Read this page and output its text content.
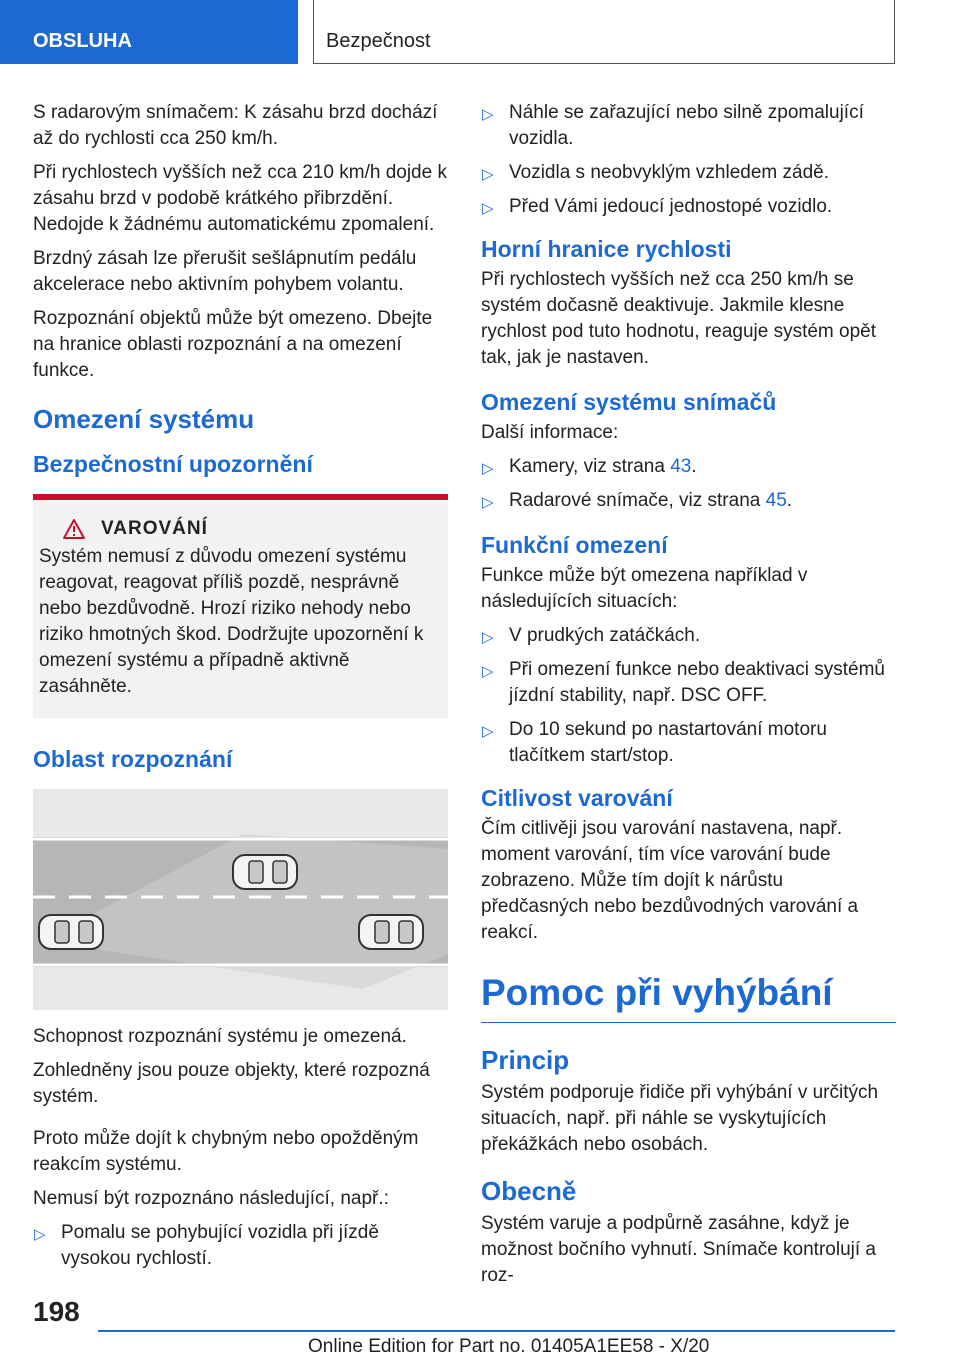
OBSLUHA	Bezpečnost

S radarovým snímačem: K zásahu brzd dochází až do rychlosti cca 250 km/h.

Při rychlostech vyšších než cca 210 km/h dojde k zásahu brzd v podobě krátkého přibrzdění. Nedojde k žádnému automatickému zpomalení.

Brzdný zásah lze přerušit sešlápnutím pedálu akcelerace nebo aktivním pohybem volantu.

Rozpoznání objektů může být omezeno. Dbejte na hranice oblasti rozpoznání a na omezení funkce.

Omezení systému
Bezpečnostní upozornění
VAROVÁNÍ

Systém nemusí z důvodu omezení systému reagovat, reagovat příliš pozdě, nesprávně nebo bezdůvodně. Hrozí riziko nehody nebo riziko hmotných škod. Dodržujte upozornění k omezení systému a případně aktivně zasáhněte.

Oblast rozpoznání

Schopnost rozpoznání systému je omezená.

Zohledněny jsou pouze objekty, které rozpozná systém.

Proto může dojít k chybným nebo opožděným reakcím systému.

Nemusí být rozpoznáno následující, např.:

▷ Pomalu se pohybující vozidla při jízdě vysokou rychlostí.
▷ Náhle se zařazující nebo silně zpomalující vozidla.
▷ Vozidla s neobvyklým vzhledem zádě.
▷ Před Vámi jedoucí jednostopé vozidlo.
Horní hranice rychlosti

Při rychlostech vyšších než cca 250 km/h se systém dočasně deaktivuje. Jakmile klesne rychlost pod tuto hodnotu, reaguje systém opět tak, jak je nastaven.

Omezení systému snímačů

Další informace:

▷ Kamery, viz strana 43.
▷ Radarové snímače, viz strana 45.
Funkční omezení

Funkce může být omezena například v následujících situacích:

▷ V prudkých zatáčkách.
▷ Při omezení funkce nebo deaktivaci systémů jízdní stability, např. DSC OFF.
▷ Do 10 sekund po nastartování motoru tlačítkem start/stop.
Citlivost varování

Čím citlivěji jsou varování nastavena, např. moment varování, tím více varování bude zobrazeno. Může tím dojít k nárůstu předčasných nebo bezdůvodných varování a reakcí.

Pomoc při vyhýbání
Princip

Systém podporuje řidiče při vyhýbání v určitých situacích, např. při náhle se vyskytujících překážkách nebo osobách.

Obecně

Systém varuje a podpůrně zasáhne, když je možnost bočního vyhnutí. Snímače kontrolují a roz-

198
Online Edition for Part no. 01405A1EE58 - X/20
